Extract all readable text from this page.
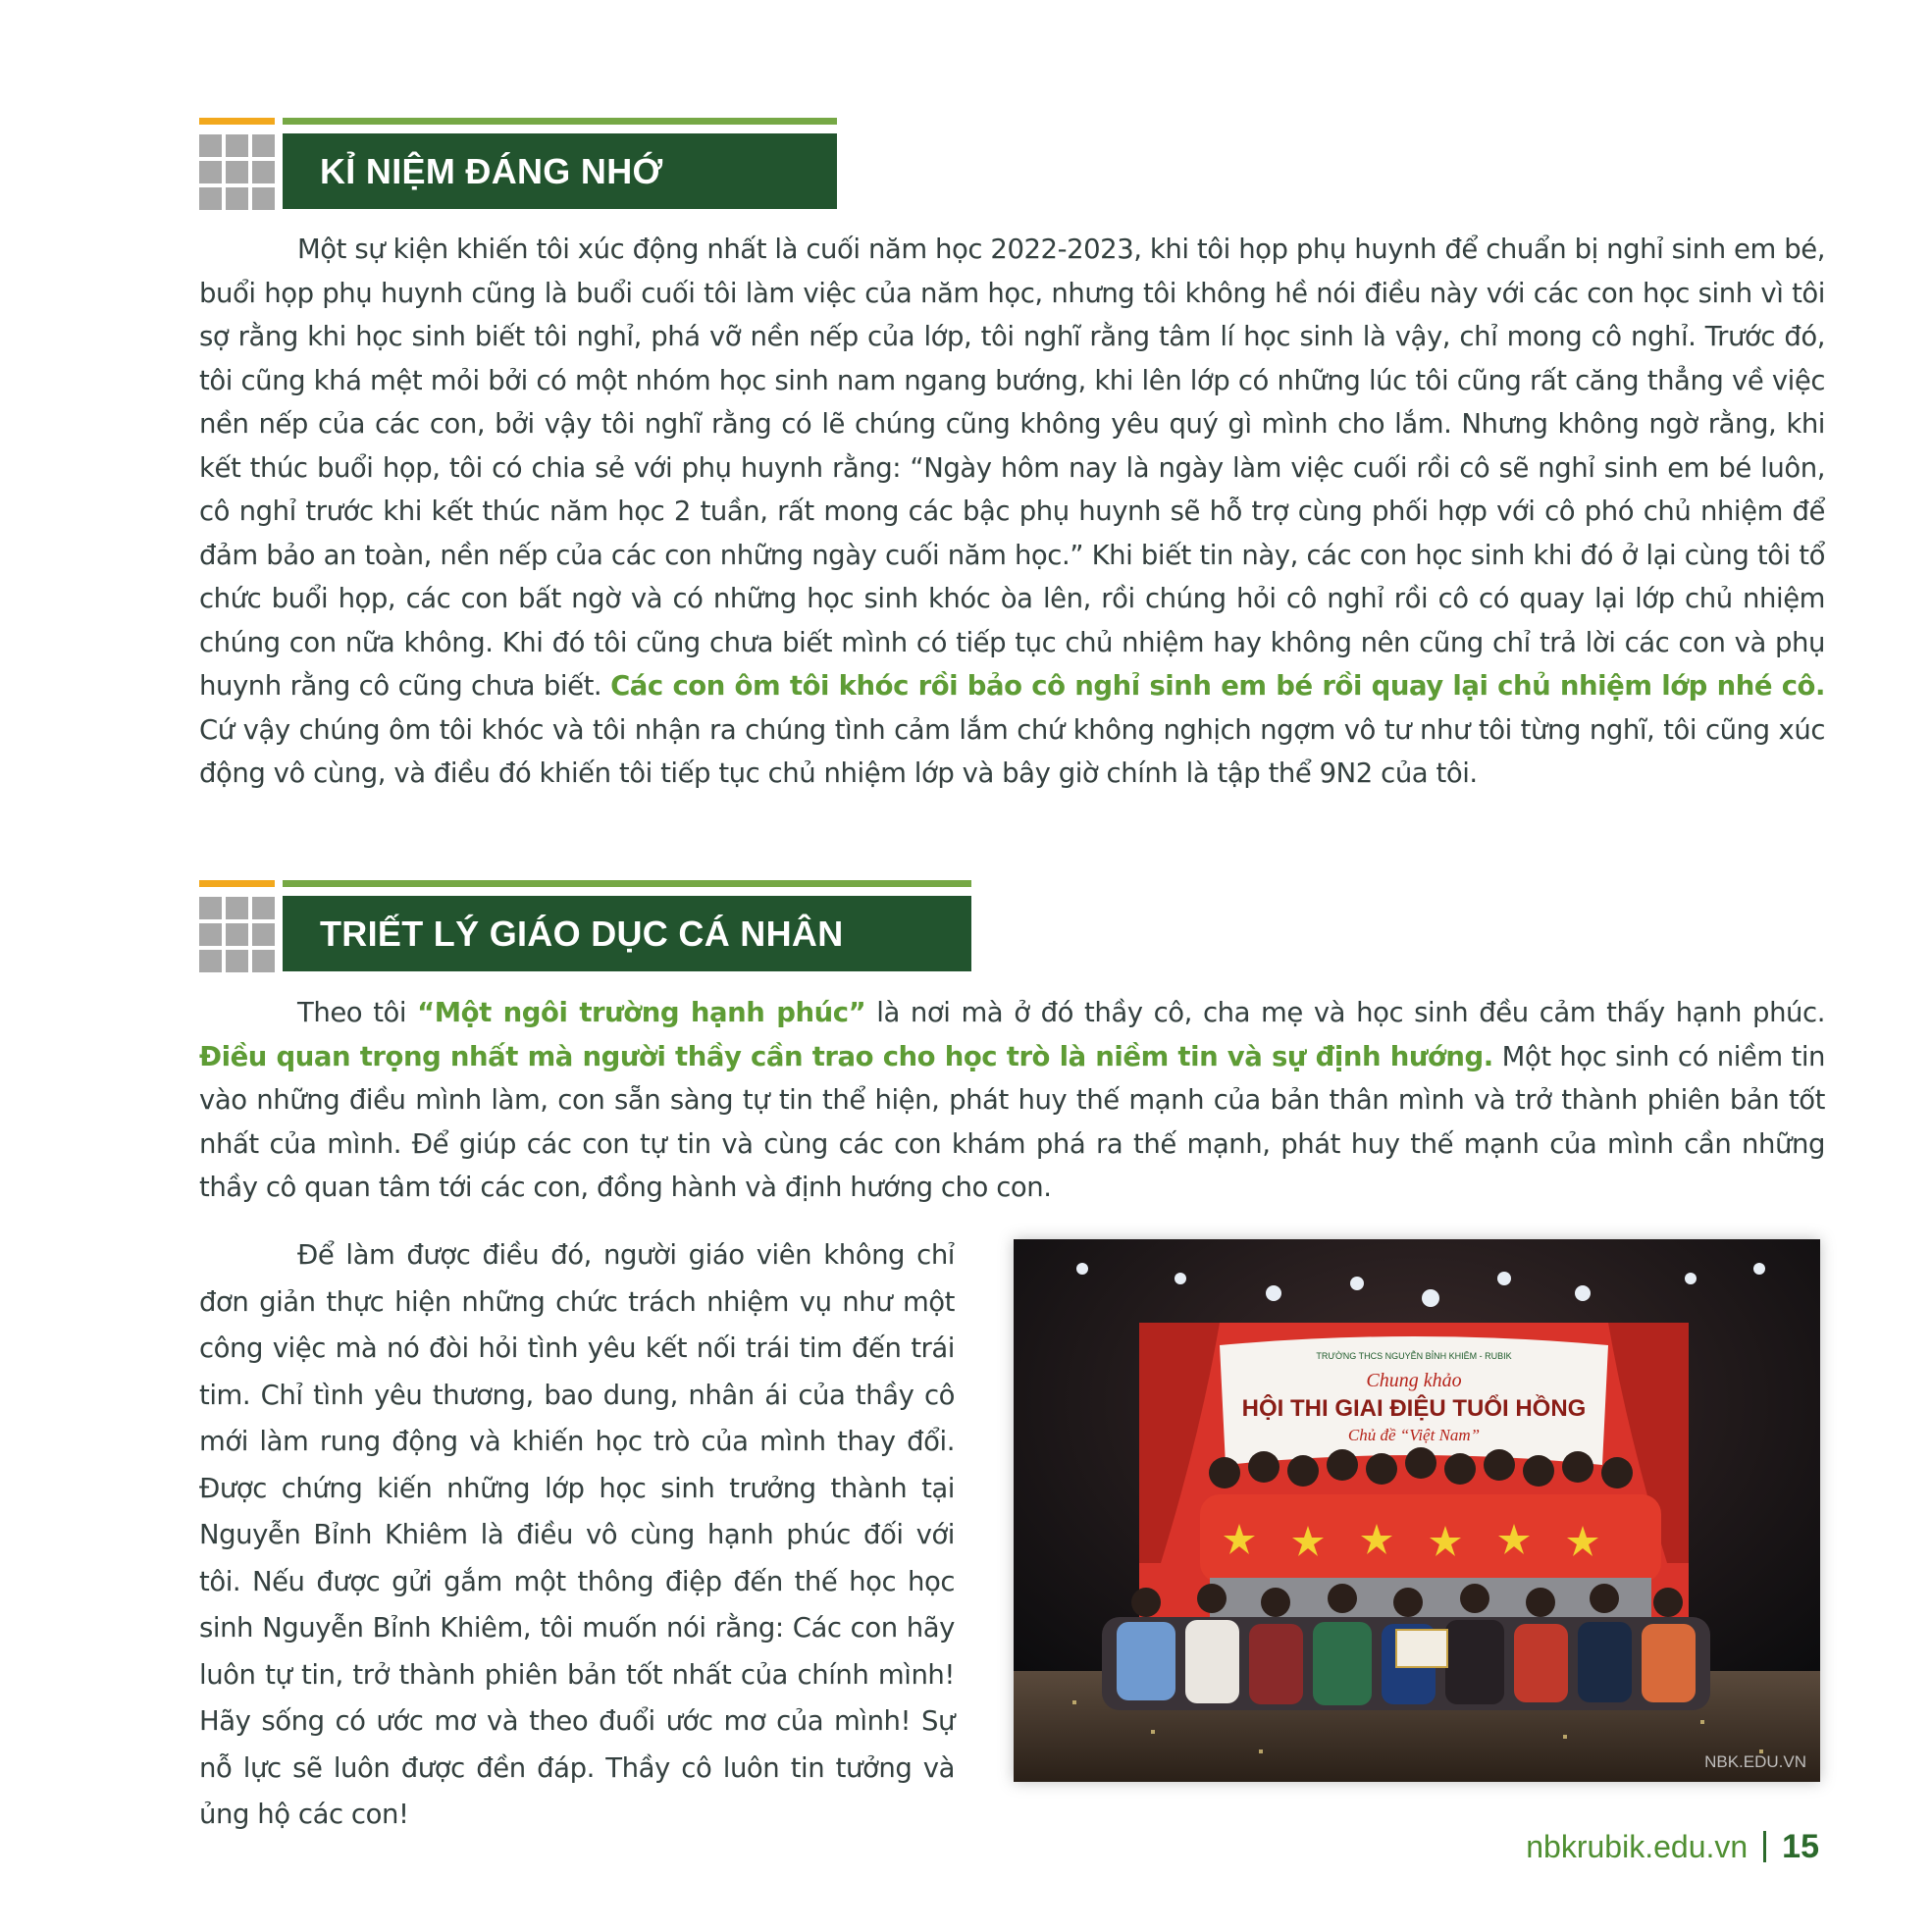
KỈ NIỆM ĐÁNG NHỚ

Một sự kiện khiến tôi xúc động nhất là cuối năm học 2022-2023, khi tôi họp phụ huynh để chuẩn bị nghỉ sinh em bé, buổi họp phụ huynh cũng là buổi cuối tôi làm việc của năm học, nhưng tôi không hề nói điều này với các con học sinh vì tôi sợ rằng khi học sinh biết tôi nghỉ, phá vỡ nền nếp của lớp, tôi nghĩ rằng tâm lí học sinh là vậy, chỉ mong cô nghỉ. Trước đó, tôi cũng khá mệt mỏi bởi có một nhóm học sinh nam ngang bướng, khi lên lớp có những lúc tôi cũng rất căng thẳng về việc nền nếp của các con, bởi vậy tôi nghĩ rằng có lẽ chúng cũng không yêu quý gì mình cho lắm. Nhưng không ngờ rằng, khi kết thúc buổi họp, tôi có chia sẻ với phụ huynh rằng: “Ngày hôm nay là ngày làm việc cuối rồi cô sẽ nghỉ sinh em bé luôn, cô nghỉ trước khi kết thúc năm học 2 tuần, rất mong các bậc phụ huynh sẽ hỗ trợ cùng phối hợp với cô phó chủ nhiệm để đảm bảo an toàn, nền nếp của các con những ngày cuối năm học.” Khi biết tin này, các con học sinh khi đó ở lại cùng tôi tổ chức buổi họp, các con bất ngờ và có những học sinh khóc òa lên, rồi chúng hỏi cô nghỉ rồi cô có quay lại lớp chủ nhiệm chúng con nữa không. Khi đó tôi cũng chưa biết mình có tiếp tục chủ nhiệm hay không nên cũng chỉ trả lời các con và phụ huynh rằng cô cũng chưa biết. Các con ôm tôi khóc rồi bảo cô nghỉ sinh em bé rồi quay lại chủ nhiệm lớp nhé cô. Cứ vậy chúng ôm tôi khóc và tôi nhận ra chúng tình cảm lắm chứ không nghịch ngợm vô tư như tôi từng nghĩ, tôi cũng xúc động vô cùng, và điều đó khiến tôi tiếp tục chủ nhiệm lớp và bây giờ chính là tập thể 9N2 của tôi.

TRIẾT LÝ GIÁO DỤC CÁ NHÂN

Theo tôi “Một ngôi trường hạnh phúc” là nơi mà ở đó thầy cô, cha mẹ và học sinh đều cảm thấy hạnh phúc. Điều quan trọng nhất mà người thầy cần trao cho học trò là niềm tin và sự định hướng. Một học sinh có niềm tin vào những điều mình làm, con sẵn sàng tự tin thể hiện, phát huy thế mạnh của bản thân mình và trở thành phiên bản tốt nhất của mình. Để giúp các con tự tin và cùng các con khám phá ra thế mạnh, phát huy thế mạnh của mình cần những thầy cô quan tâm tới các con, đồng hành và định hướng cho con.

Để làm được điều đó, người giáo viên không chỉ đơn giản thực hiện những chức trách nhiệm vụ như một công việc mà nó đòi hỏi tình yêu kết nối trái tim đến trái tim. Chỉ tình yêu thương, bao dung, nhân ái của thầy cô mới làm rung động và khiến học trò của mình thay đổi. Được chứng kiến những lớp học sinh trưởng thành tại Nguyễn Bỉnh Khiêm là điều vô cùng hạnh phúc đối với tôi. Nếu được gửi gắm một thông điệp đến thế học học sinh Nguyễn Bỉnh Khiêm, tôi muốn nói rằng: Các con hãy luôn tự tin, trở thành phiên bản tốt nhất của chính mình! Hãy sống có ước mơ và theo đuổi ước mơ của mình! Sự nỗ lực sẽ luôn được đền đáp. Thầy cô luôn tin tưởng và ủng hộ các con!

TRƯỜNG THCS NGUYỄN BỈNH KHIÊM - RUBIK
Chung khảo
HỘI THI GIAI ĐIỆU TUỔI HỒNG
Chủ đề “Việt Nam”
NBK.EDU.VN
nbkrubik.edu.vn 15
